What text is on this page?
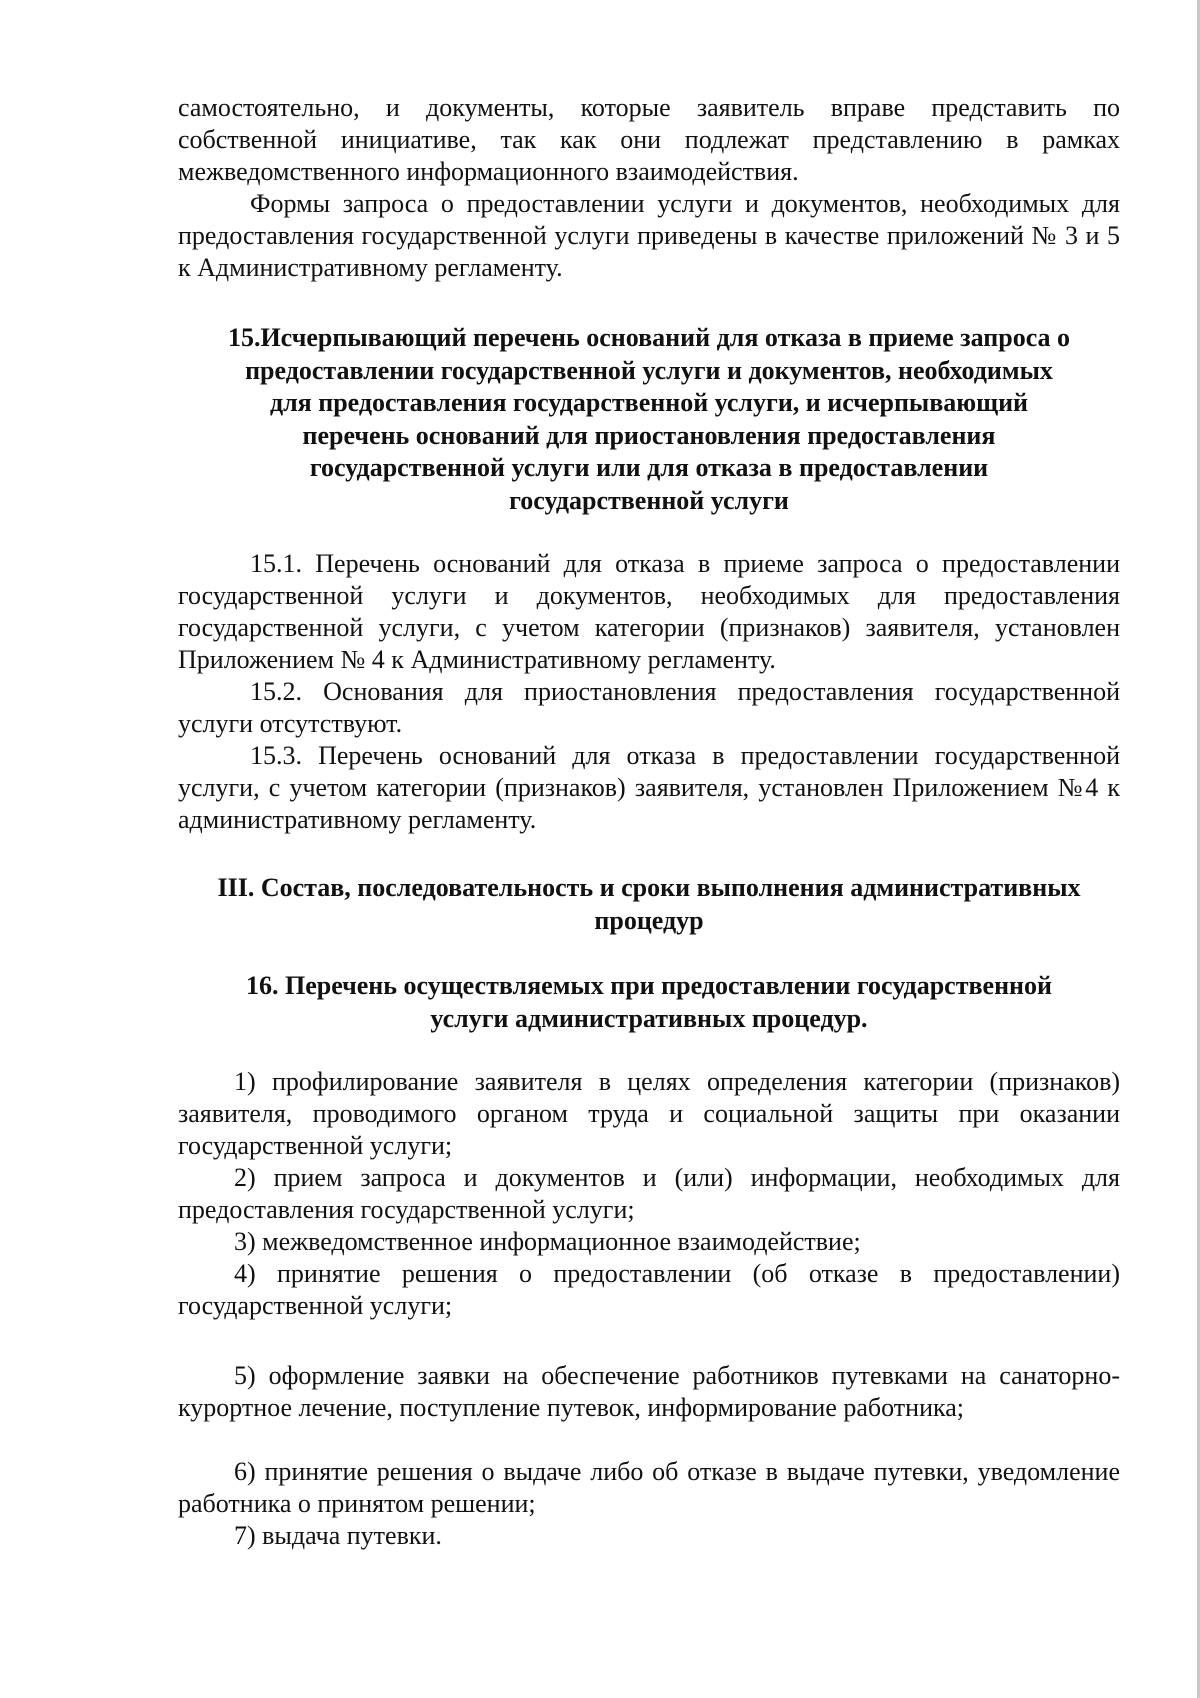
самостоятельно, и документы, которые заявитель вправе представить по собственной инициативе, так как они подлежат представлению в рамках межведомственного информационного взаимодействия.

Формы запроса о предоставлении услуги и документов, необходимых для предоставления государственной услуги приведены в качестве приложений № 3 и 5 к Административному регламенту.

15.Исчерпывающий перечень оснований для отказа в приеме запроса о
предоставлении государственной услуги и документов, необходимых
для предоставления государственной услуги, и исчерпывающий
перечень оснований для приостановления предоставления
государственной услуги или для отказа в предоставлении
государственной услуги

15.1. Перечень оснований для отказа в приеме запроса о предоставлении государственной услуги и документов, необходимых для предоставления государственной услуги, с учетом категории (признаков) заявителя, установлен Приложением № 4 к Административному регламенту.

15.2. Основания для приостановления предоставления государственной услуги отсутствуют.

15.3. Перечень оснований для отказа в предоставлении государственной услуги, с учетом категории (признаков) заявителя, установлен Приложением №4 к административному регламенту.

III. Состав, последовательность и сроки выполнения административных
процедур
16. Перечень осуществляемых при предоставлении государственной
услуги административных процедур.

1) профилирование заявителя в целях определения категории (признаков) заявителя, проводимого органом труда и социальной защиты при оказании государственной услуги;

2) прием запроса и документов и (или) информации, необходимых для предоставления государственной услуги;

3) межведомственное информационное взаимодействие;

4) принятие решения о предоставлении (об отказе в предоставлении) государственной услуги;

5) оформление заявки на обеспечение работников путевками на санаторно-курортное лечение, поступление путевок, информирование работника;

6) принятие решения о выдаче либо об отказе в выдаче путевки, уведомление работника о принятом решении;

7) выдача путевки.
